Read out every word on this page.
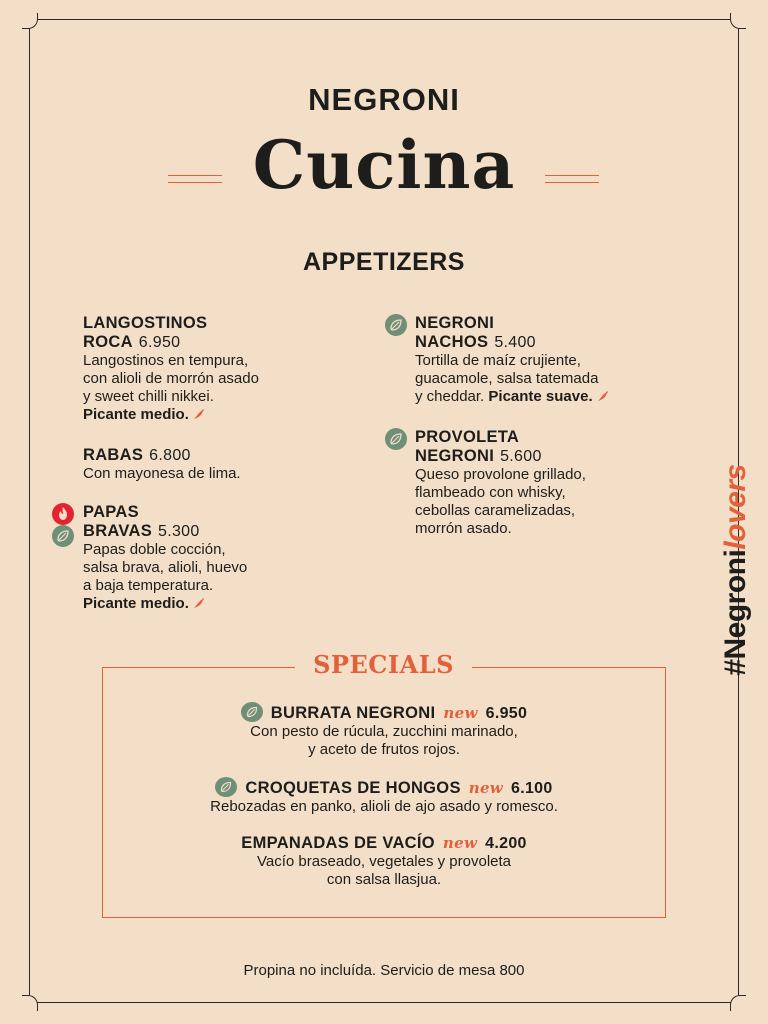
NEGRONI
Cucina
APPETIZERS
LANGOSTINOS
ROCA 6.950
Langostinos en tempura,
con alioli de morrón asado
y sweet chilli nikkei.
Picante medio.
RABAS 6.800
Con mayonesa de lima.
PAPAS
BRAVAS 5.300
Papas doble cocción,
salsa brava, alioli, huevo
a baja temperatura.
Picante medio.
NEGRONI
NACHOS 5.400
Tortilla de maíz crujiente,
guacamole, salsa tatemada
y cheddar. Picante suave.
PROVOLETA
NEGRONI 5.600
Queso provolone grillado,
flambeado con whisky,
cebollas caramelizadas,
morrón asado.
#Negronilovers
SPECIALS
BURRATA NEGRONI new 6.950
Con pesto de rúcula, zucchini marinado,
y aceto de frutos rojos.
CROQUETAS DE HONGOS new 6.100
Rebozadas en panko, alioli de ajo asado y romesco.
EMPANADAS DE VACÍO new 4.200
Vacío braseado, vegetales y provoleta
con salsa llasjua.
Propina no incluída. Servicio de mesa 800
